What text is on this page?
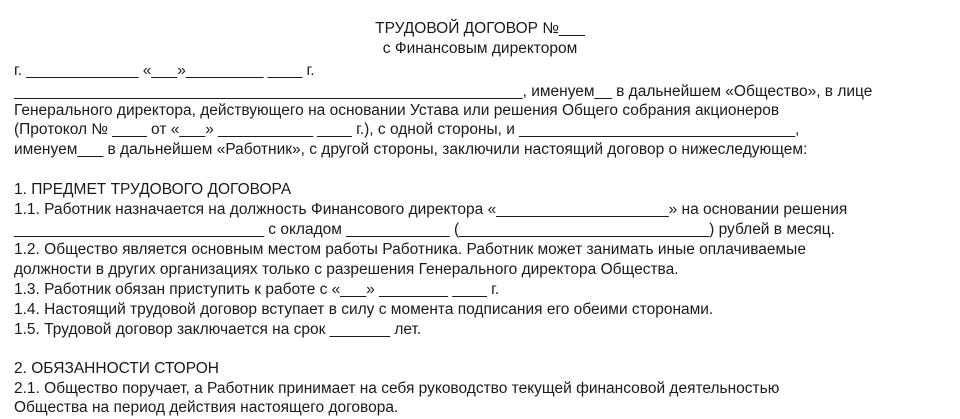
ТРУДОВОЙ ДОГОВОР №___

с Финансовым директором

г. _____________ «___»_________ ____ г.

___________________________________________________________, именуем__ в дальнейшем «Общество», в лице

Генерального директора, действующего на основании Устава или решения Общего собрания акционеров

(Протокол № ____ от «___» ___________ ____ г.), с одной стороны, и ________________________________,

именуем___ в дальнейшем «Работник», с другой стороны, заключили настоящий договор о нижеследующем:

1. ПРЕДМЕТ ТРУДОВОГО ДОГОВОРА

1.1. Работник назначается на должность Финансового директора «____________________» на основании решения

_____________________________ с окладом ____________ (_____________________________) рублей в месяц.

1.2. Общество является основным местом работы Работника. Работник может занимать иные оплачиваемые

должности в других организациях только с разрешения Генерального директора Общества.

1.3. Работник обязан приступить к работе с «___» ________ ____ г.

1.4. Настоящий трудовой договор вступает в силу с момента подписания его обеими сторонами.

1.5. Трудовой договор заключается на срок _______ лет.

2. ОБЯЗАННОСТИ СТОРОН

2.1. Общество поручает, а Работник принимает на себя руководство текущей финансовой деятельностью

Общества на период действия настоящего договора.
